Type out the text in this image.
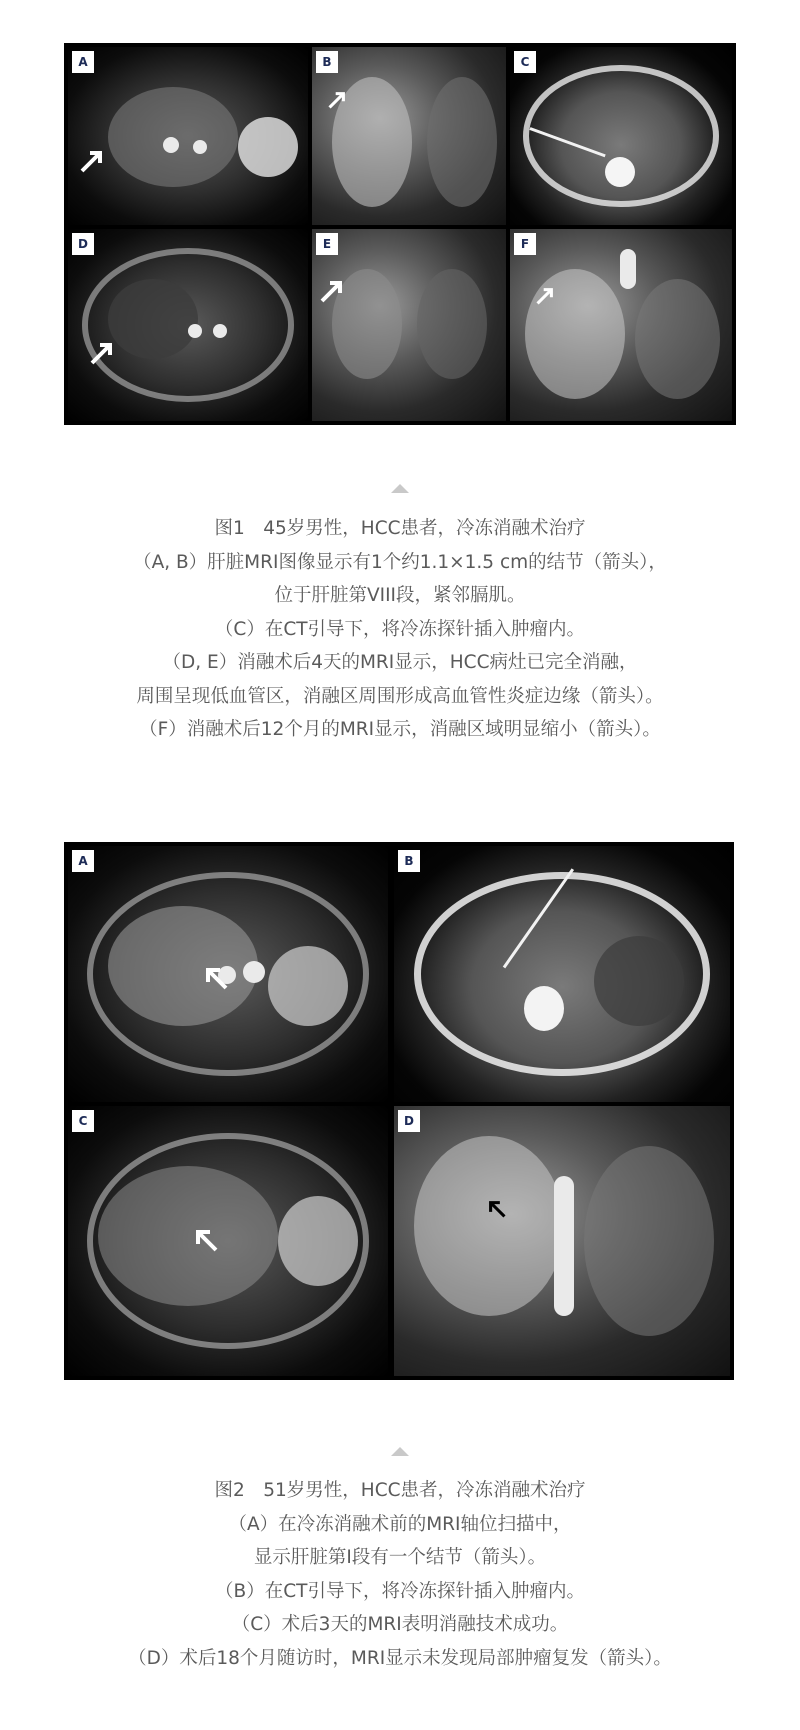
A	B	C
D	E	F
图1　45岁男性，HCC患者，冷冻消融术治疗
（A, B）肝脏MRI图像显示有1个约1.1×1.5 cm的结节（箭头），
位于肝脏第VIII段，紧邻膈肌。
（C）在CT引导下，将冷冻探针插入肿瘤内。
（D, E）消融术后4天的MRI显示，HCC病灶已完全消融，
周围呈现低血管区，消融区周围形成高血管性炎症边缘（箭头）。
（F）消融术后12个月的MRI显示，消融区域明显缩小（箭头）。
A	B
C	D
图2　51岁男性，HCC患者，冷冻消融术治疗
（A）在冷冻消融术前的MRI轴位扫描中，
显示肝脏第I段有一个结节（箭头）。
（B）在CT引导下，将冷冻探针插入肿瘤内。
（C）术后3天的MRI表明消融技术成功。
（D）术后18个月随访时，MRI显示未发现局部肿瘤复发（箭头）。
